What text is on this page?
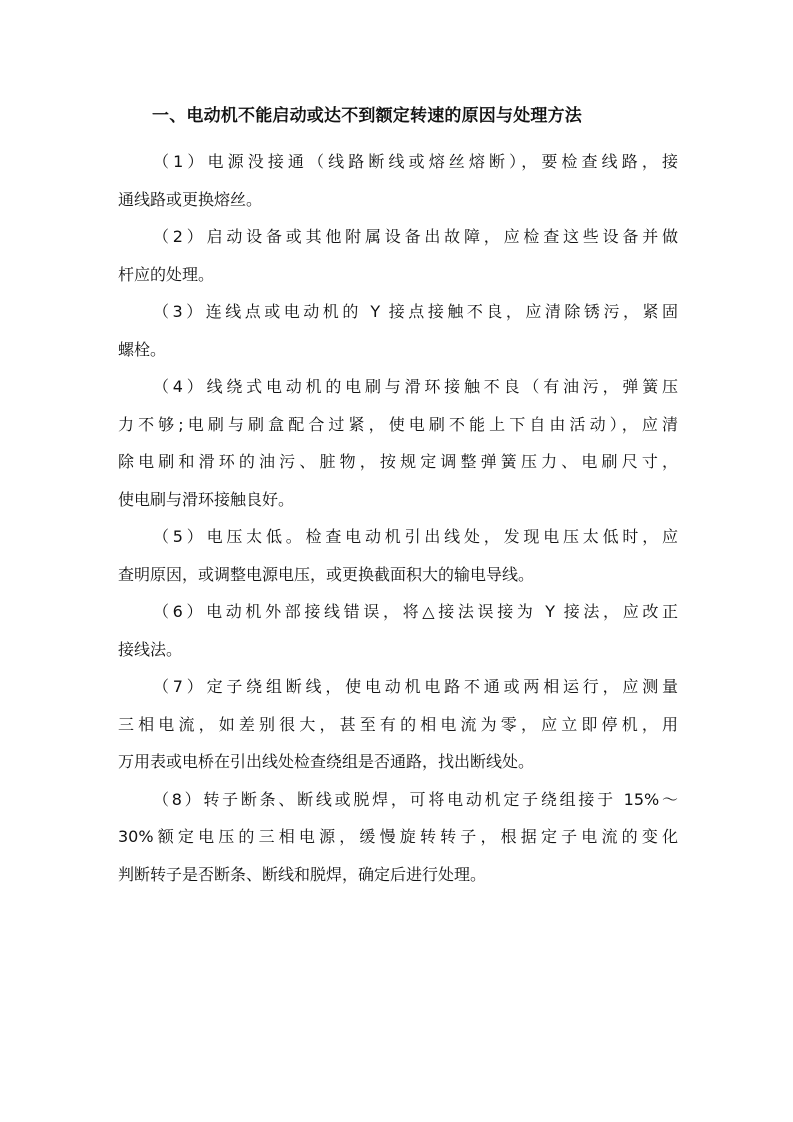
一、电动机不能启动或达不到额定转速的原因与处理方法
（1）电源没接通（线路断线或熔丝熔断），要检查线路，接
通线路或更换熔丝。
（2）启动设备或其他附属设备出故障，应检查这些设备并做
杆应的处理。
（3）连线点或电动机的 Y 接点接触不良，应清除锈污，紧固
螺栓。
（4）线绕式电动机的电刷与滑环接触不良（有油污，弹簧压
力不够;电刷与刷盒配合过紧，使电刷不能上下自由活动），应清
除电刷和滑环的油污、脏物，按规定调整弹簧压力、电刷尺寸，
使电刷与滑环接触良好。
（5）电压太低。检查电动机引出线处，发现电压太低时，应
查明原因，或调整电源电压，或更换截面积大的输电导线。
（6）电动机外部接线错误，将△接法误接为 Y 接法，应改正
接线法。
（7）定子绕组断线，使电动机电路不通或两相运行，应测量
三相电流，如差别很大，甚至有的相电流为零，应立即停机，用
万用表或电桥在引出线处检查绕组是否通路，找出断线处。
（8）转子断条、断线或脱焊，可将电动机定子绕组接于 15%～
30%额定电压的三相电源，缓慢旋转转子，根据定子电流的变化
判断转子是否断条、断线和脱焊，确定后进行处理。
